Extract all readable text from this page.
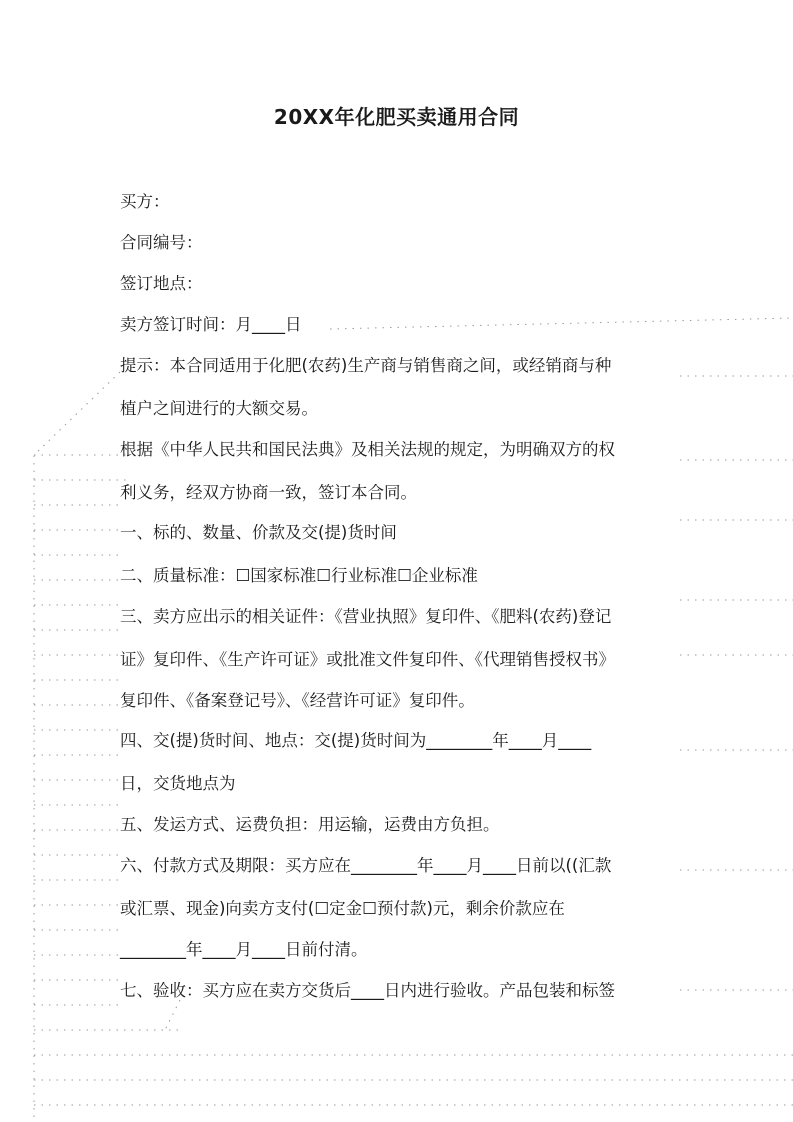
20XX年化肥买卖通用合同
买方：
合同编号：
签订地点：
卖方签订时间：月____日
提示：本合同适用于化肥(农药)生产商与销售商之间，或经销商与种
植户之间进行的大额交易。
根据《中华人民共和国民法典》及相关法规的规定，为明确双方的权
利义务，经双方协商一致，签订本合同。
一、标的、数量、价款及交(提)货时间
二、质量标准：☐国家标准☐行业标准☐企业标准
三、卖方应出示的相关证件：《营业执照》复印件、《肥料(农药)登记
证》复印件、《生产许可证》或批准文件复印件、《代理销售授权书》
复印件、《备案登记号》、《经营许可证》复印件。
四、交(提)货时间、地点：交(提)货时间为________年____月____
日，交货地点为
五、发运方式、运费负担：用运输，运费由方负担。
六、付款方式及期限：买方应在________年____月____日前以((汇款
或汇票、现金)向卖方支付(☐定金☐预付款)元，剩余价款应在
________年____月____日前付清。
七、验收：买方应在卖方交货后____日内进行验收。产品包装和标签
